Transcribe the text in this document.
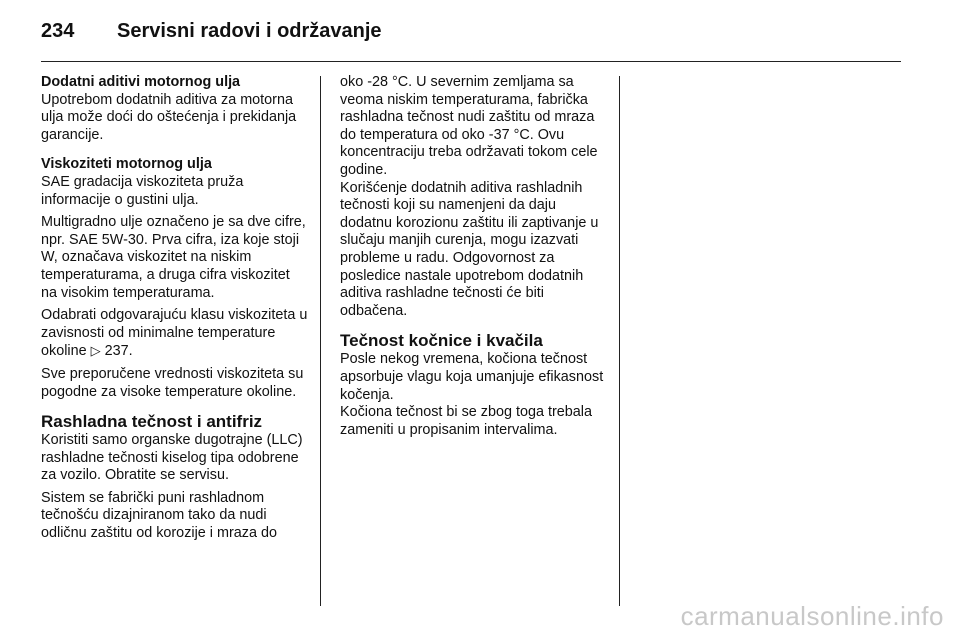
234	Servisni radovi i održavanje

Dodatni aditivi motornog ulja

Upotrebom dodatnih aditiva za motorna ulja može doći do oštećenja i prekidanja garancije.

Viskoziteti motornog ulja

SAE gradacija viskoziteta pruža informacije o gustini ulja.

Multigradno ulje označeno je sa dve cifre, npr. SAE 5W-30. Prva cifra, iza koje stoji W, označava viskozitet na niskim temperaturama, a druga cifra viskozitet na visokim temperaturama.

Odabrati odgovarajuću klasu viskoziteta u zavisnosti od minimalne temperature okoline ▷ 237.

Sve preporučene vrednosti viskoziteta su pogodne za visoke temperature okoline.

Rashladna tečnost i antifriz

Koristiti samo organske dugotrajne (LLC) rashladne tečnosti kiselog tipa odobrene za vozilo. Obratite se servisu.

Sistem se fabrički puni rashladnom tečnošću dizajniranom tako da nudi odličnu zaštitu od korozije i mraza do

oko -28 °C. U severnim zemljama sa veoma niskim temperaturama, fabrička rashladna tečnost nudi zaštitu od mraza do temperatura od oko -37 °C. Ovu koncentraciju treba održavati tokom cele godine.

Korišćenje dodatnih aditiva rashladnih tečnosti koji su namenjeni da daju dodatnu korozionu zaštitu ili zaptivanje u slučaju manjih curenja, mogu izazvati probleme u radu. Odgovornost za posledice nastale upotrebom dodatnih aditiva rashladne tečnosti će biti odbačena.

Tečnost kočnice i kvačila

Posle nekog vremena, kočiona tečnost apsorbuje vlagu koja umanjuje efikasnost kočenja.

Kočiona tečnost bi se zbog toga trebala zameniti u propisanim intervalima.

carmanualsonline.info
